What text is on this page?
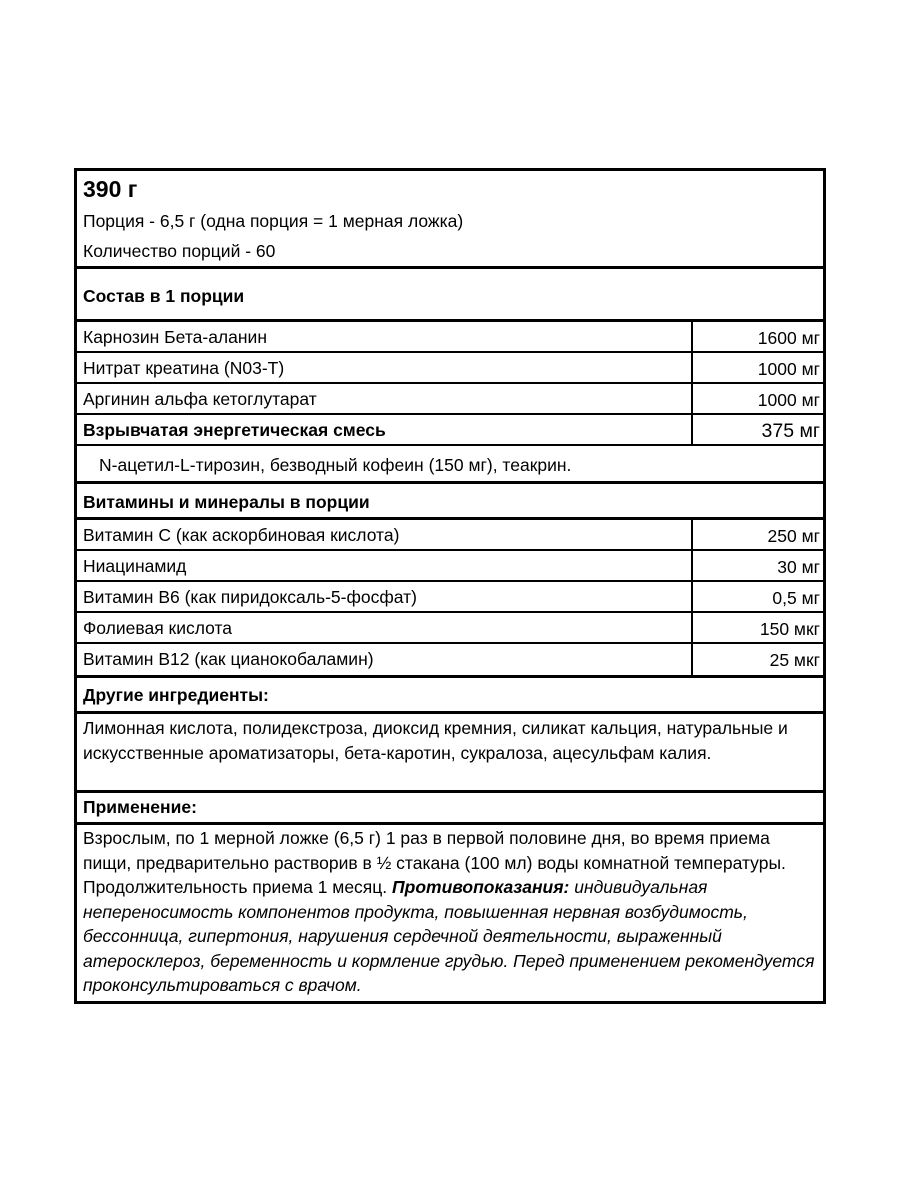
390 г
Порция - 6,5 г (одна порция = 1 мерная ложка)
Количество порций - 60
Состав в 1 порции
Карнозин Бета-аланин	1600 мг
Нитрат креатина (N03-T)	1000 мг
Аргинин альфа кетоглутарат	1000 мг
Взрывчатая энергетическая смесь	375 мг
N-ацетил-L-тирозин, безводный кофеин (150 мг), теакрин.
Витамины и минералы в порции
Витамин С (как аскорбиновая кислота)	250 мг
Ниацинамид	30 мг
Витамин В6 (как пиридоксаль-5-фосфат)	0,5 мг
Фолиевая кислота	150 мкг
Витамин В12 (как цианокобаламин)	25 мкг
Другие ингредиенты:
Лимонная кислота, полидекстроза, диоксид кремния, силикат кальция, натуральные и искусственные ароматизаторы, бета-каротин, сукралоза, ацесульфам калия.
Применение:
Взрослым, по 1 мерной ложке (6,5 г) 1 раз в первой половине дня, во время приема пищи, предварительно растворив в ½ стакана (100 мл) воды комнатной температуры. Продолжительность приема 1 месяц. Противопоказания: индивидуальная непереносимость компонентов продукта, повышенная нервная возбудимость, бессонница, гипертония, нарушения сердечной деятельности, выраженный атеросклероз, беременность и кормление грудью. Перед применением рекомендуется проконсультироваться с врачом.
